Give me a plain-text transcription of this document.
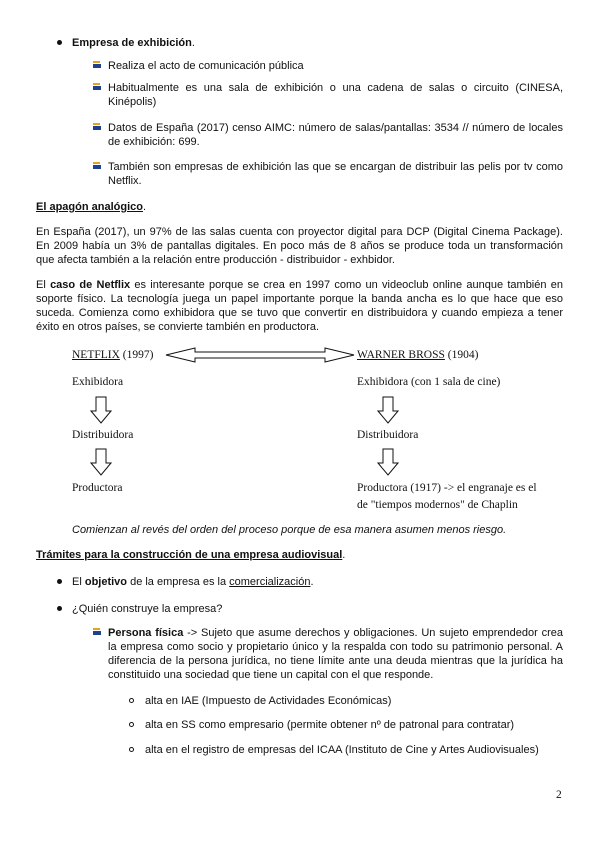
Empresa de exhibición.
Realiza el acto de comunicación pública
Habitualmente es una sala de exhibición o una cadena de salas o circuito (CINESA,
Kinépolis)
Datos de España (2017) censo AIMC: número de salas/pantallas: 3534 // número de locales
de exhibición: 699.
También son empresas de exhibición las que se encargan de distribuir las pelis por tv como
Netflix.
El apagón analógico.
En España (2017), un 97% de las salas cuenta con proyector digital para DCP (Digital Cinema Package).
En 2009 había un 3% de pantallas digitales. En poco más de 8 años se produce toda un transformación
que afecta también a la relación entre producción - distribuidor - exhbidor.
El caso de Netflix es interesante porque se crea en 1997 como un videoclub online aunque también en
soporte físico. La tecnología juega un papel importante porque la banda ancha es lo que hace que eso
suceda. Comienza como exhibidora que se tuvo que convertir en distribuidora y cuando empieza a tener
éxito en otros países, se convierte también en productora.
NETFLIX (1997)	WARNER BROSS (1904)
Exhibidora	Exhibidora (con 1 sala de cine)
Distribuidora	Distribuidora
Productora	Productora (1917) -> el engranaje es el
de "tiempos modernos" de Chaplin
Comienzan al revés del orden del proceso porque de esa manera asumen menos riesgo.
Trámites para la construcción de una empresa audiovisual.
El objetivo de la empresa es la comercialización.
¿Quién construye la empresa?
Persona física -> Sujeto que asume derechos y obligaciones. Un sujeto emprendedor crea
la empresa como socio y propietario único y la respalda con todo su patrimonio personal. A
diferencia de la persona jurídica, no tiene límite ante una deuda mientras que la jurídica ha
constituido una sociedad que tiene un capital con el que responde.
alta en IAE (Impuesto de Actividades Económicas)
alta en SS como empresario (permite obtener nº de patronal para contratar)
alta en el registro de empresas del ICAA (Instituto de Cine y Artes Audiovisuales)
2
